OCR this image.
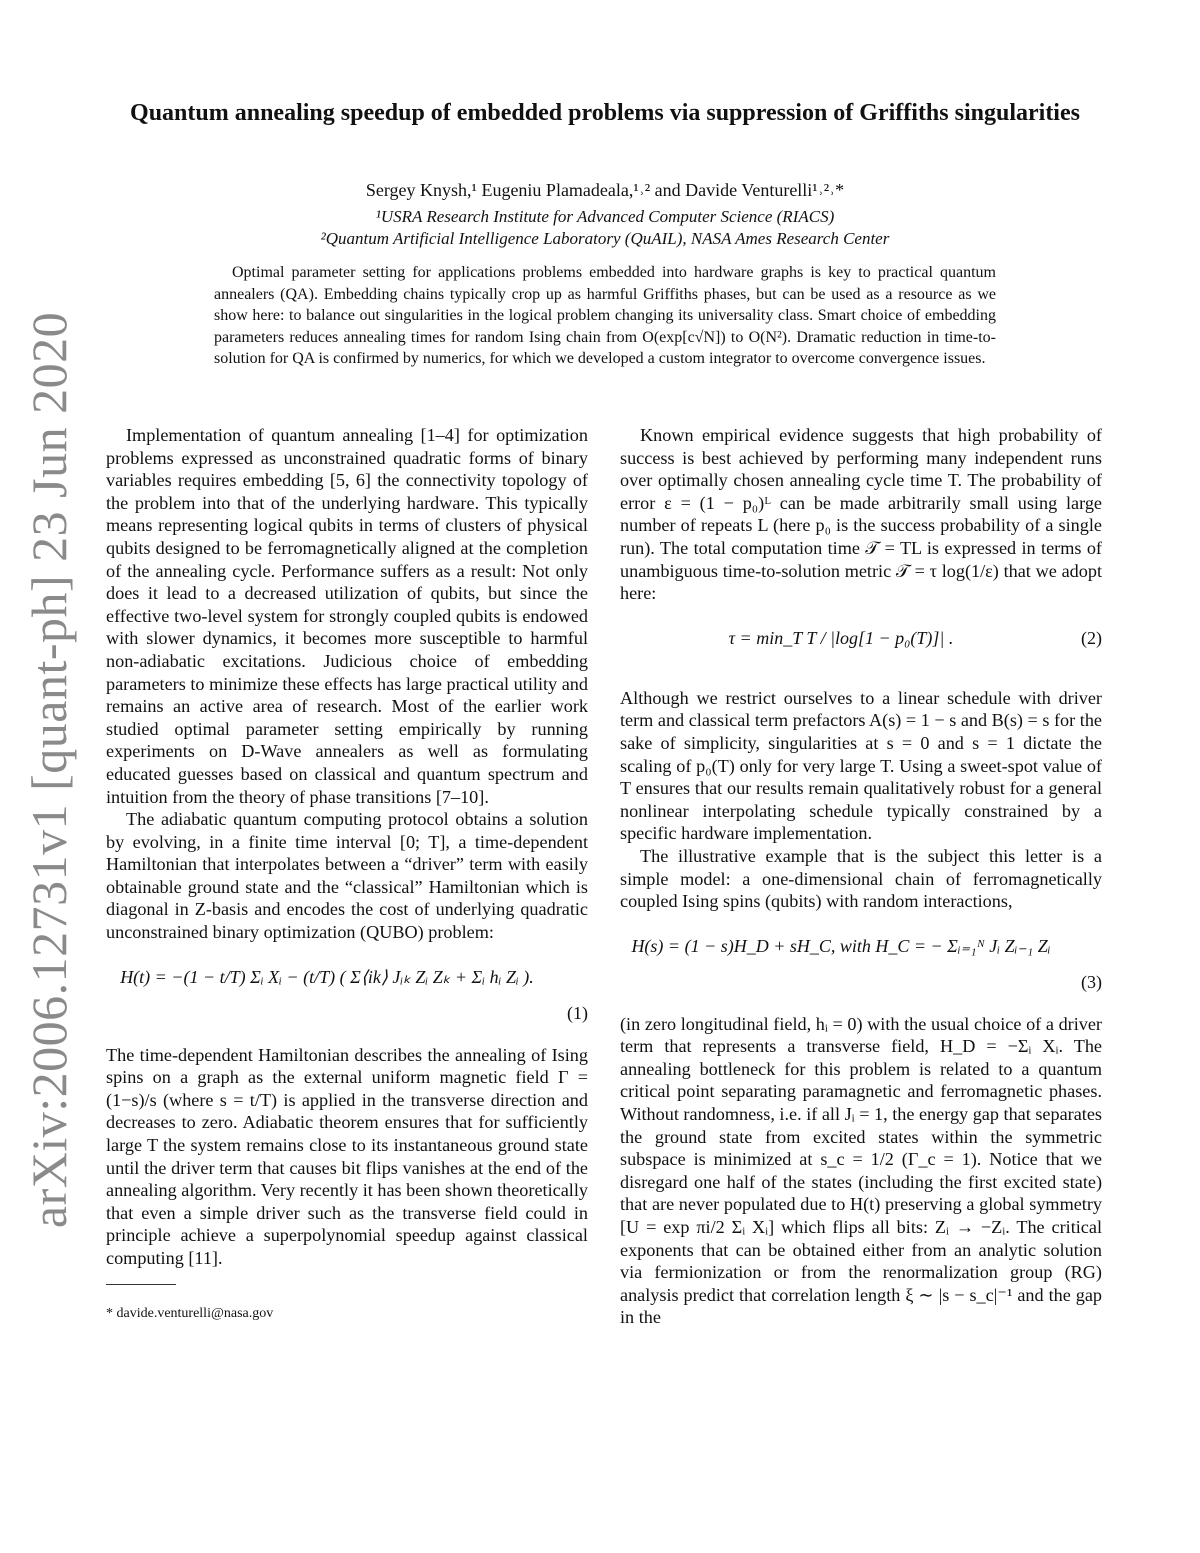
arXiv:2006.12731v1 [quant-ph] 23 Jun 2020
Quantum annealing speedup of embedded problems via suppression of Griffiths singularities
Sergey Knysh,¹ Eugeniu Plamadeala,¹˒² and Davide Venturelli¹˒²˒*
¹USRA Research Institute for Advanced Computer Science (RIACS)
²Quantum Artificial Intelligence Laboratory (QuAIL), NASA Ames Research Center
Optimal parameter setting for applications problems embedded into hardware graphs is key to practical quantum annealers (QA). Embedding chains typically crop up as harmful Griffiths phases, but can be used as a resource as we show here: to balance out singularities in the logical problem changing its universality class. Smart choice of embedding parameters reduces annealing times for random Ising chain from O(exp[c√N]) to O(N²). Dramatic reduction in time-to-solution for QA is confirmed by numerics, for which we developed a custom integrator to overcome convergence issues.

Implementation of quantum annealing [1–4] for optimization problems expressed as unconstrained quadratic forms of binary variables requires embedding [5, 6] the connectivity topology of the problem into that of the underlying hardware. This typically means representing logical qubits in terms of clusters of physical qubits designed to be ferromagnetically aligned at the completion of the annealing cycle. Performance suffers as a result: Not only does it lead to a decreased utilization of qubits, but since the effective two-level system for strongly coupled qubits is endowed with slower dynamics, it becomes more susceptible to harmful non-adiabatic excitations. Judicious choice of embedding parameters to minimize these effects has large practical utility and remains an active area of research. Most of the earlier work studied optimal parameter setting empirically by running experiments on D-Wave annealers as well as formulating educated guesses based on classical and quantum spectrum and intuition from the theory of phase transitions [7–10].

The adiabatic quantum computing protocol obtains a solution by evolving, in a finite time interval [0; T], a time-dependent Hamiltonian that interpolates between a “driver” term with easily obtainable ground state and the “classical” Hamiltonian which is diagonal in Z-basis and encodes the cost of underlying quadratic unconstrained binary optimization (QUBO) problem:

H(t) = −(1 − t/T) Σᵢ Xᵢ − (t/T) ( Σ⟨ik⟩ Jᵢₖ Zᵢ Zₖ + Σᵢ hᵢ Zᵢ ).
(1)

The time-dependent Hamiltonian describes the annealing of Ising spins on a graph as the external uniform magnetic field Γ = (1−s)/s (where s = t/T) is applied in the transverse direction and decreases to zero. Adiabatic theorem ensures that for sufficiently large T the system remains close to its instantaneous ground state until the driver term that causes bit flips vanishes at the end of the annealing algorithm. Very recently it has been shown theoretically that even a simple driver such as the transverse field could in principle achieve a superpolynomial speedup against classical computing [11].

* davide.venturelli@nasa.gov

Known empirical evidence suggests that high probability of success is best achieved by performing many independent runs over optimally chosen annealing cycle time T. The probability of error ε = (1 − p₀)ᴸ can be made arbitrarily small using large number of repeats L (here p₀ is the success probability of a single run). The total computation time 𝒯 = TL is expressed in terms of unambiguous time-to-solution metric 𝒯 = τ log(1/ε) that we adopt here:

τ = min_T T / |log[1 − p₀(T)]| .	(2)

Although we restrict ourselves to a linear schedule with driver term and classical term prefactors A(s) = 1 − s and B(s) = s for the sake of simplicity, singularities at s = 0 and s = 1 dictate the scaling of p₀(T) only for very large T. Using a sweet-spot value of T ensures that our results remain qualitatively robust for a general nonlinear interpolating schedule typically constrained by a specific hardware implementation.

The illustrative example that is the subject this letter is a simple model: a one-dimensional chain of ferromagnetically coupled Ising spins (qubits) with random interactions,

H(s) = (1 − s)H_D + sH_C, with H_C = − Σᵢ₌₁ᴺ Jᵢ Zᵢ₋₁ Zᵢ
(3)

(in zero longitudinal field, hᵢ = 0) with the usual choice of a driver term that represents a transverse field, H_D = −Σᵢ Xᵢ. The annealing bottleneck for this problem is related to a quantum critical point separating paramagnetic and ferromagnetic phases. Without randomness, i.e. if all Jᵢ = 1, the energy gap that separates the ground state from excited states within the symmetric subspace is minimized at s_c = 1/2 (Γ_c = 1). Notice that we disregard one half of the states (including the first excited state) that are never populated due to H(t) preserving a global symmetry [U = exp πi/2 Σᵢ Xᵢ] which flips all bits: Zᵢ → −Zᵢ. The critical exponents that can be obtained either from an analytic solution via fermionization or from the renormalization group (RG) analysis predict that correlation length ξ ∼ |s − s_c|⁻¹ and the gap in the
